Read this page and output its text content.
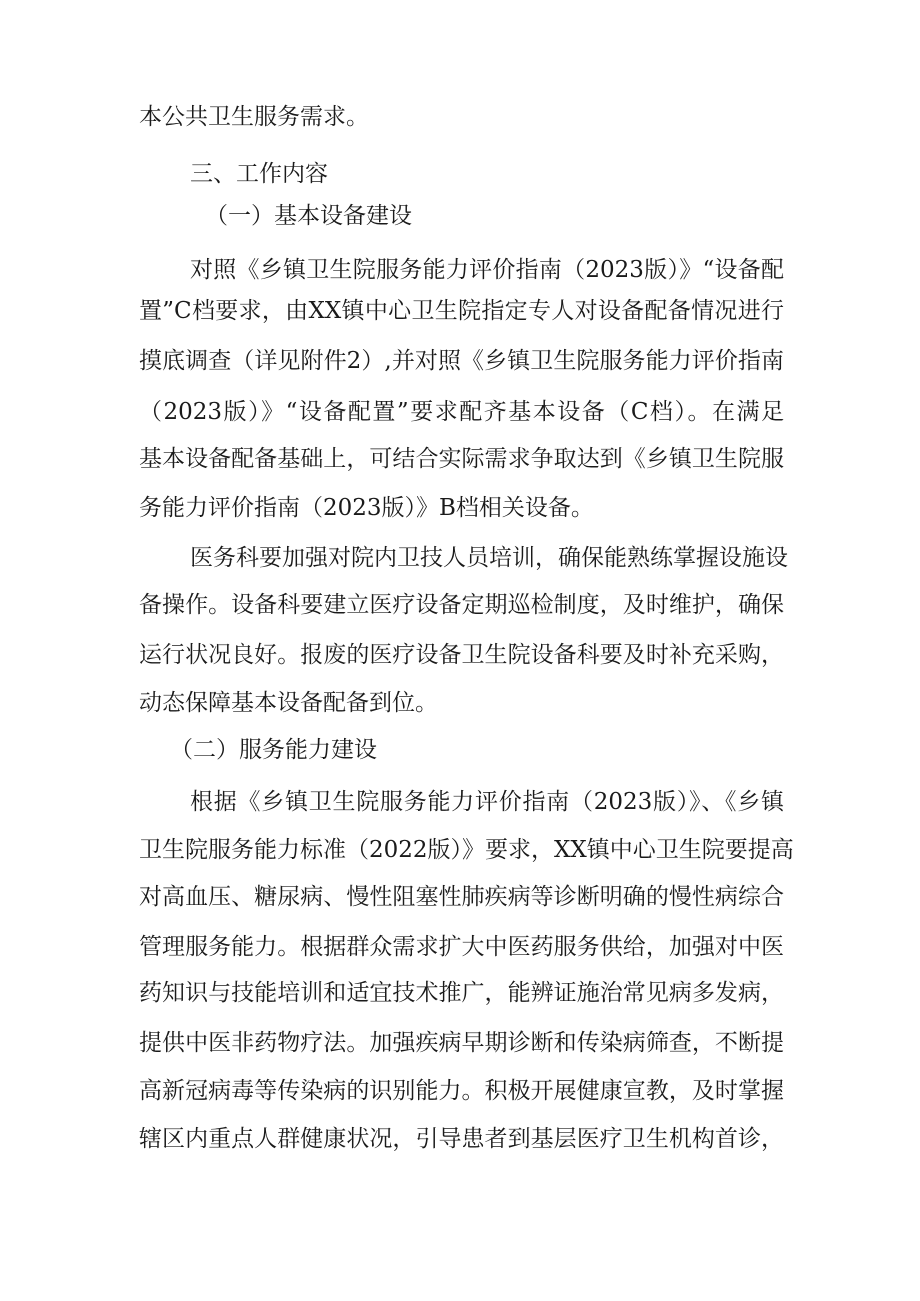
本公共卫生服务需求。
三、工作内容
（一）基本设备建设
对照《乡镇卫生院服务能力评价指南（2023版）》“设备配
置”C档要求，由XX镇中心卫生院指定专人对设备配备情况进行
摸底调查（详见附件2）,并对照《乡镇卫生院服务能力评价指南
（2023版）》“设备配置”要求配齐基本设备（C档）。在满足
基本设备配备基础上，可结合实际需求争取达到《乡镇卫生院服
务能力评价指南（2023版）》B档相关设备。
医务科要加强对院内卫技人员培训，确保能熟练掌握设施设
备操作。设备科要建立医疗设备定期巡检制度，及时维护，确保
运行状况良好。报废的医疗设备卫生院设备科要及时补充采购，
动态保障基本设备配备到位。
（二）服务能力建设
根据《乡镇卫生院服务能力评价指南（2023版）》、《乡镇
卫生院服务能力标准（2022版）》要求，XX镇中心卫生院要提高
对高血压、糖尿病、慢性阻塞性肺疾病等诊断明确的慢性病综合
管理服务能力。根据群众需求扩大中医药服务供给，加强对中医
药知识与技能培训和适宜技术推广，能辨证施治常见病多发病，
提供中医非药物疗法。加强疾病早期诊断和传染病筛查，不断提
高新冠病毒等传染病的识别能力。积极开展健康宣教，及时掌握
辖区内重点人群健康状况，引导患者到基层医疗卫生机构首诊，
